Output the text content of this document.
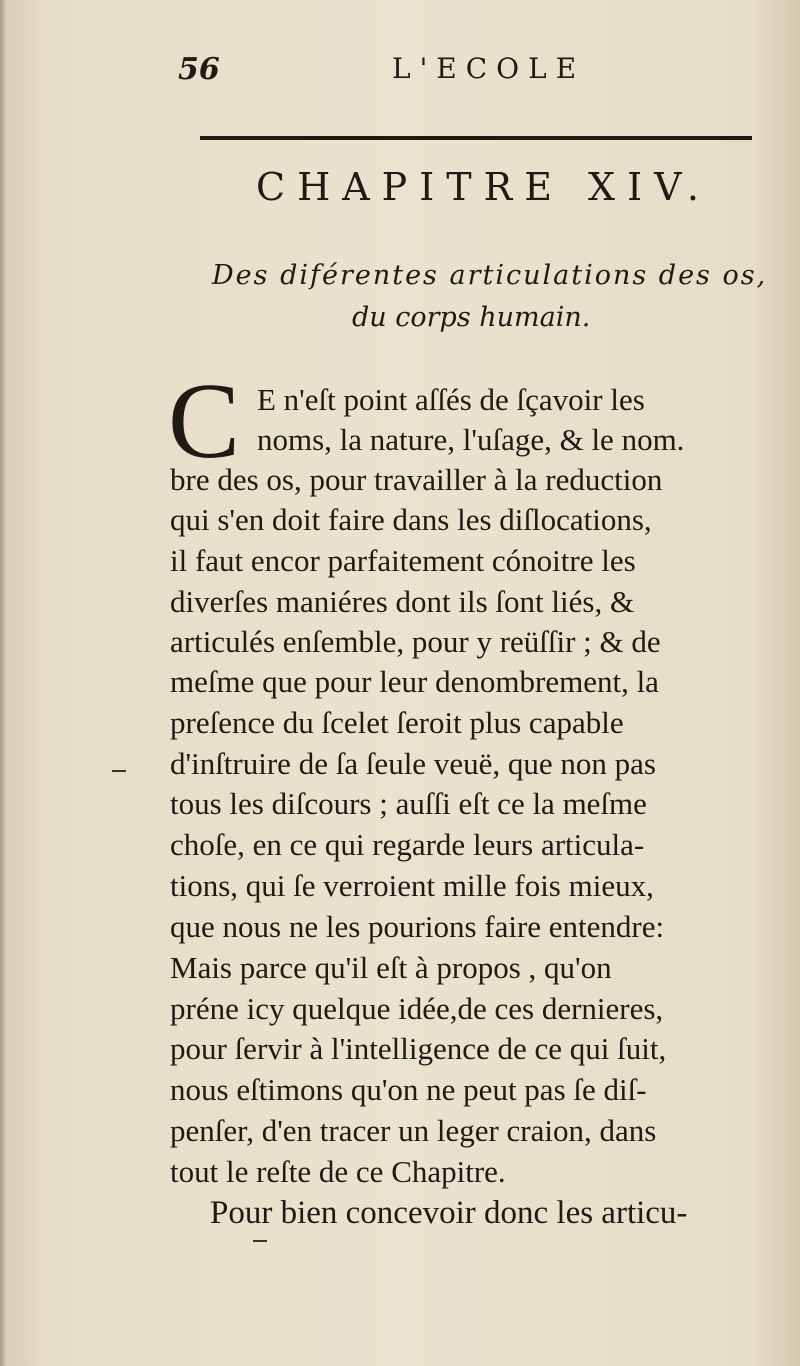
56	L'ECOLE
CHAPITRE XIV.
Des diférentes articulations des os,
du corps humain.
C E n'eſt point aſſés de ſçavoir les
noms, la nature, l'uſage, & le nom.
bre des os, pour travailler à la reduction
qui s'en doit faire dans les diſlocations,
il faut encor parfaitement cónoitre les
diverſes maniéres dont ils ſont liés, &
articulés enſemble, pour y reüſſir ; & de
meſme que pour leur denombrement, la
preſence du ſcelet ſeroit plus capable
d'inſtruire de ſa ſeule veuë, que non pas
tous les diſcours ; auſſi eſt ce la meſme
choſe, en ce qui regarde leurs articula-
tions, qui ſe verroient mille fois mieux,
que nous ne les pourions faire entendre:
Mais parce qu'il eſt à propos , qu'on
préne icy quelque idée,de ces dernieres,
pour ſervir à l'intelligence de ce qui ſuit,
nous eſtimons qu'on ne peut pas ſe diſ-
penſer, d'en tracer un leger craion, dans
tout le reſte de ce Chapitre.
Pour bien concevoir donc les articu-
